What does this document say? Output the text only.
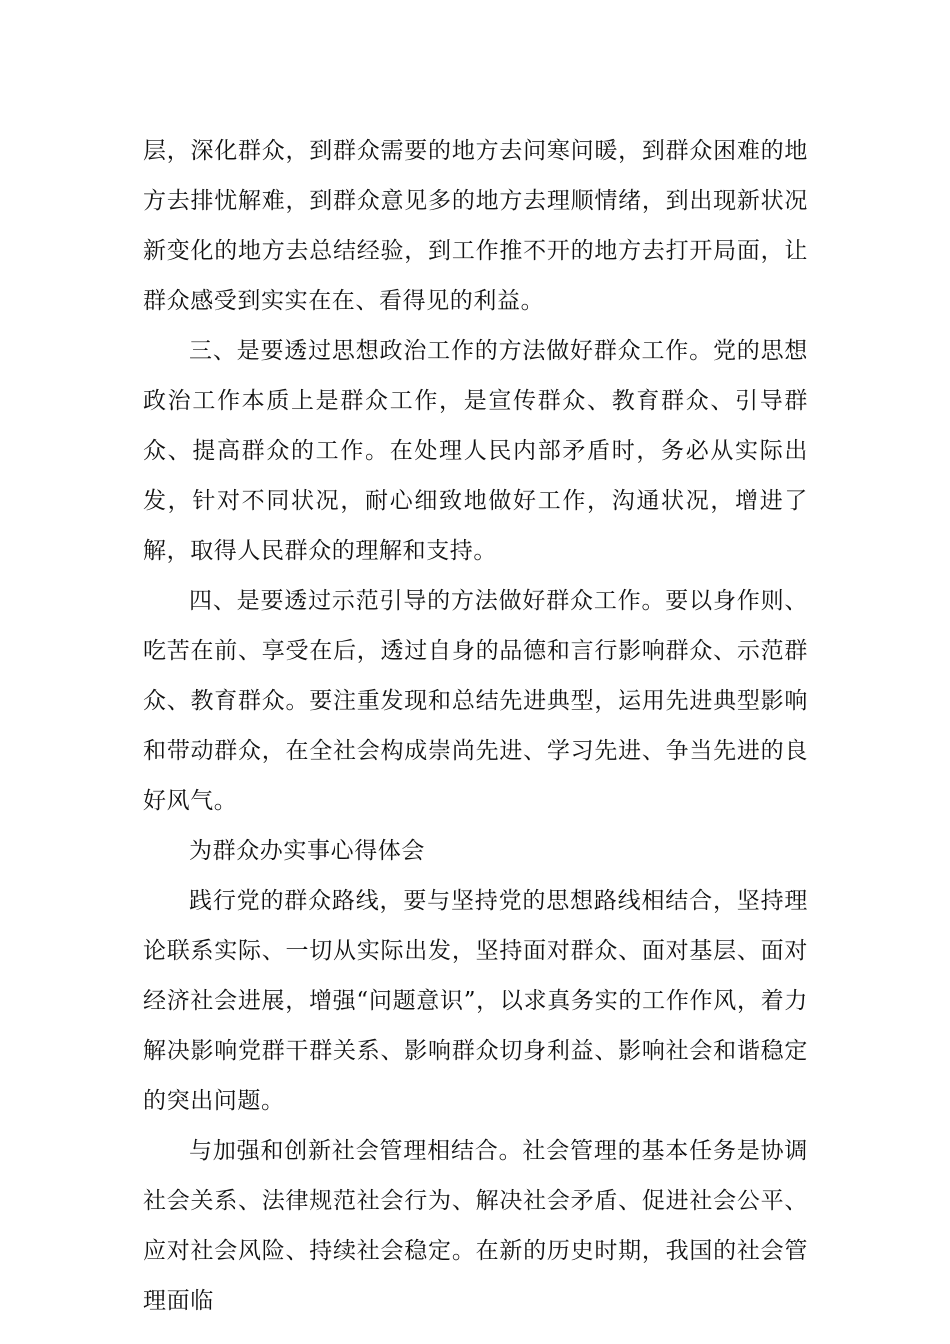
层，深化群众，到群众需要的地方去问寒问暖，到群众困难的地方去排忧解难，到群众意见多的地方去理顺情绪，到出现新状况新变化的地方去总结经验，到工作推不开的地方去打开局面，让群众感受到实实在在、看得见的利益。

三、是要透过思想政治工作的方法做好群众工作。党的思想政治工作本质上是群众工作，是宣传群众、教育群众、引导群众、提高群众的工作。在处理人民内部矛盾时，务必从实际出发，针对不同状况，耐心细致地做好工作，沟通状况，增进了解，取得人民群众的理解和支持。

四、是要透过示范引导的方法做好群众工作。要以身作则、吃苦在前、享受在后，透过自身的品德和言行影响群众、示范群众、教育群众。要注重发现和总结先进典型，运用先进典型影响和带动群众，在全社会构成崇尚先进、学习先进、争当先进的良好风气。

为群众办实事心得体会

践行党的群众路线，要与坚持党的思想路线相结合，坚持理论联系实际、一切从实际出发，坚持面对群众、面对基层、面对经济社会进展，增强“问题意识”，以求真务实的工作作风，着力解决影响党群干群关系、影响群众切身利益、影响社会和谐稳定的突出问题。

与加强和创新社会管理相结合。社会管理的基本任务是协调社会关系、法律规范社会行为、解决社会矛盾、促进社会公平、应对社会风险、持续社会稳定。在新的历史时期，我国的社会管理面临
